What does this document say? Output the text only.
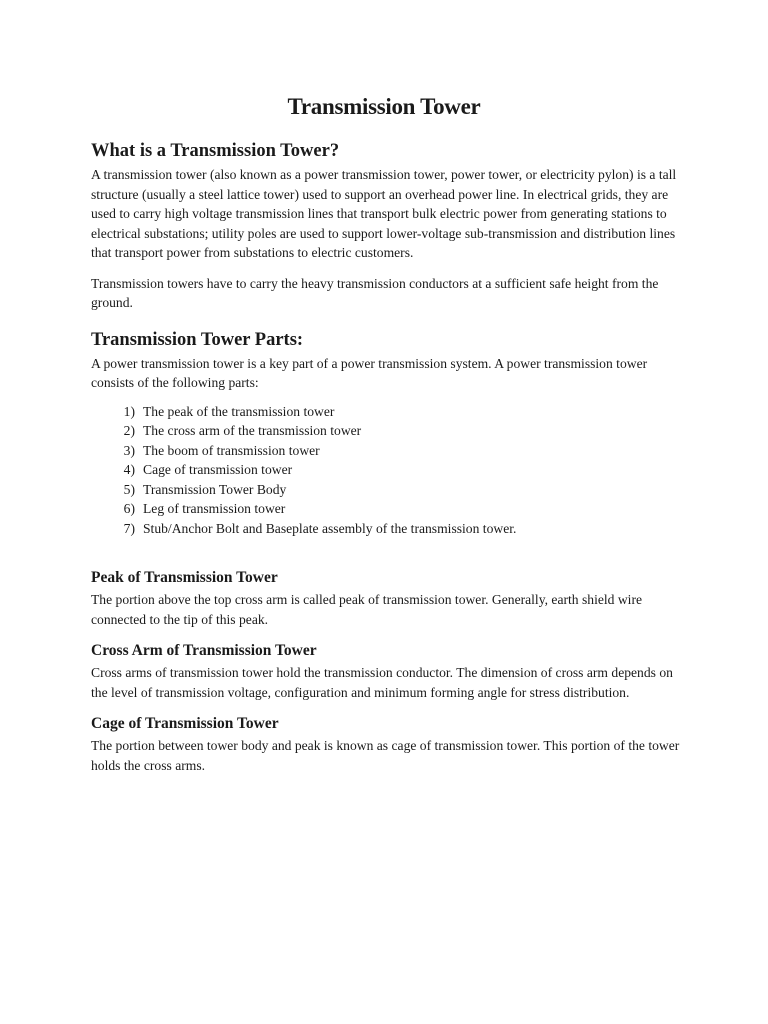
Transmission Tower
What is a Transmission Tower?

A transmission tower (also known as a power transmission tower, power tower, or electricity pylon) is a tall structure (usually a steel lattice tower) used to support an overhead power line. In electrical grids, they are used to carry high voltage transmission lines that transport bulk electric power from generating stations to electrical substations; utility poles are used to support lower-voltage sub-transmission and distribution lines that transport power from substations to electric customers.

Transmission towers have to carry the heavy transmission conductors at a sufficient safe height from the ground.

Transmission Tower Parts:

A power transmission tower is a key part of a power transmission system. A power transmission tower consists of the following parts:

1) The peak of the transmission tower
2) The cross arm of the transmission tower
3) The boom of transmission tower
4) Cage of transmission tower
5) Transmission Tower Body
6) Leg of transmission tower
7) Stub/Anchor Bolt and Baseplate assembly of the transmission tower.
Peak of Transmission Tower

The portion above the top cross arm is called peak of transmission tower. Generally, earth shield wire connected to the tip of this peak.

Cross Arm of Transmission Tower

Cross arms of transmission tower hold the transmission conductor. The dimension of cross arm depends on the level of transmission voltage, configuration and minimum forming angle for stress distribution.

Cage of Transmission Tower

The portion between tower body and peak is known as cage of transmission tower. This portion of the tower holds the cross arms.
